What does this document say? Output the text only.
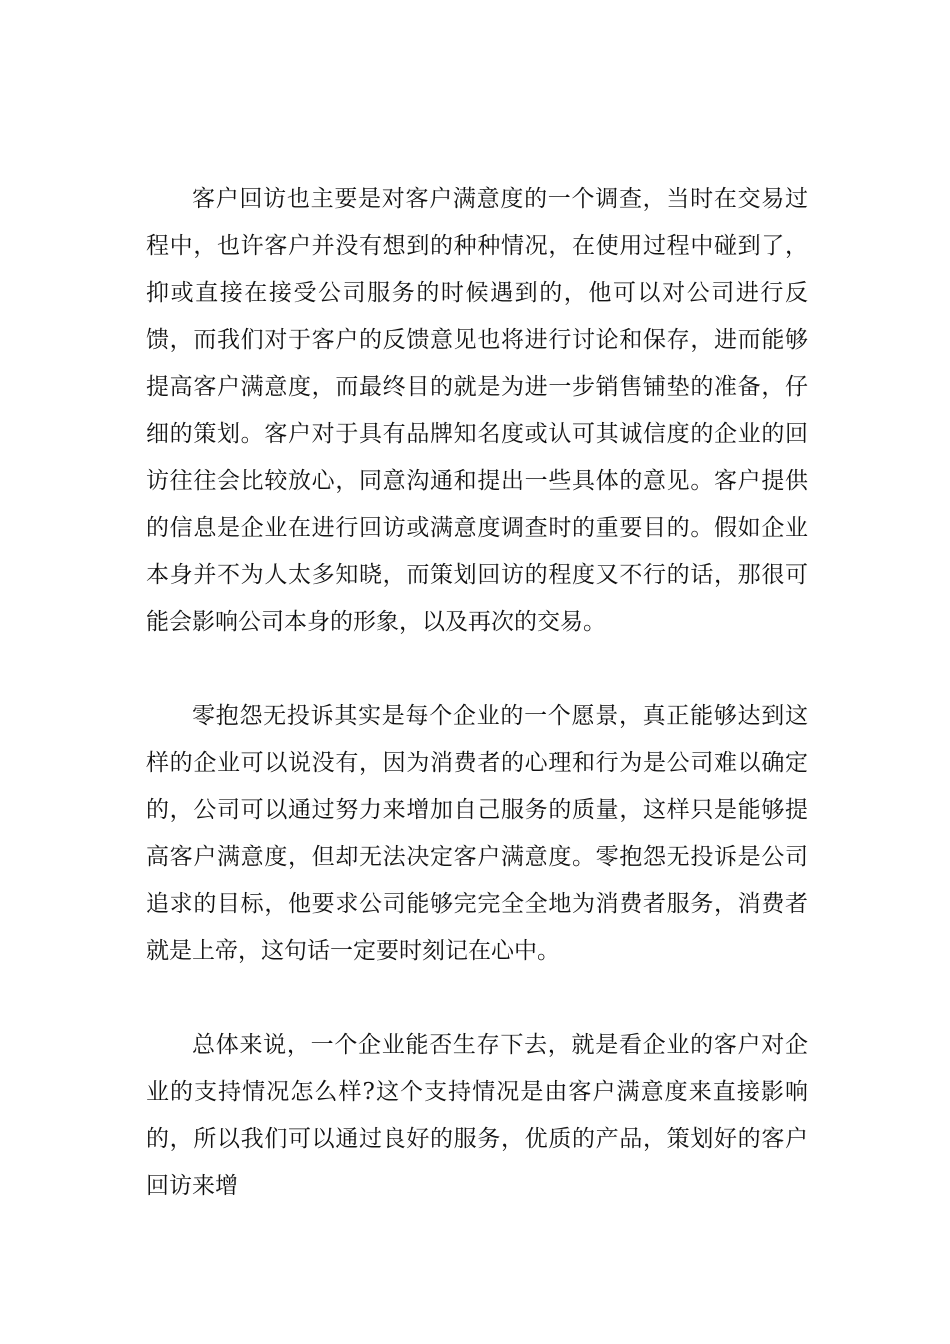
客户回访也主要是对客户满意度的一个调查，当时在交易过程中，也许客户并没有想到的种种情况，在使用过程中碰到了，抑或直接在接受公司服务的时候遇到的，他可以对公司进行反馈，而我们对于客户的反馈意见也将进行讨论和保存，进而能够提高客户满意度，而最终目的就是为进一步销售铺垫的准备，仔细的策划。客户对于具有品牌知名度或认可其诚信度的企业的回访往往会比较放心，同意沟通和提出一些具体的意见。客户提供的信息是企业在进行回访或满意度调查时的重要目的。假如企业本身并不为人太多知晓，而策划回访的程度又不行的话，那很可能会影响公司本身的形象，以及再次的交易。

零抱怨无投诉其实是每个企业的一个愿景，真正能够达到这样的企业可以说没有，因为消费者的心理和行为是公司难以确定的，公司可以通过努力来增加自己服务的质量，这样只是能够提高客户满意度，但却无法决定客户满意度。零抱怨无投诉是公司追求的目标，他要求公司能够完完全全地为消费者服务，消费者就是上帝，这句话一定要时刻记在心中。

总体来说，一个企业能否生存下去，就是看企业的客户对企业的支持情况怎么样?这个支持情况是由客户满意度来直接影响的，所以我们可以通过良好的服务，优质的产品，策划好的客户回访来增
